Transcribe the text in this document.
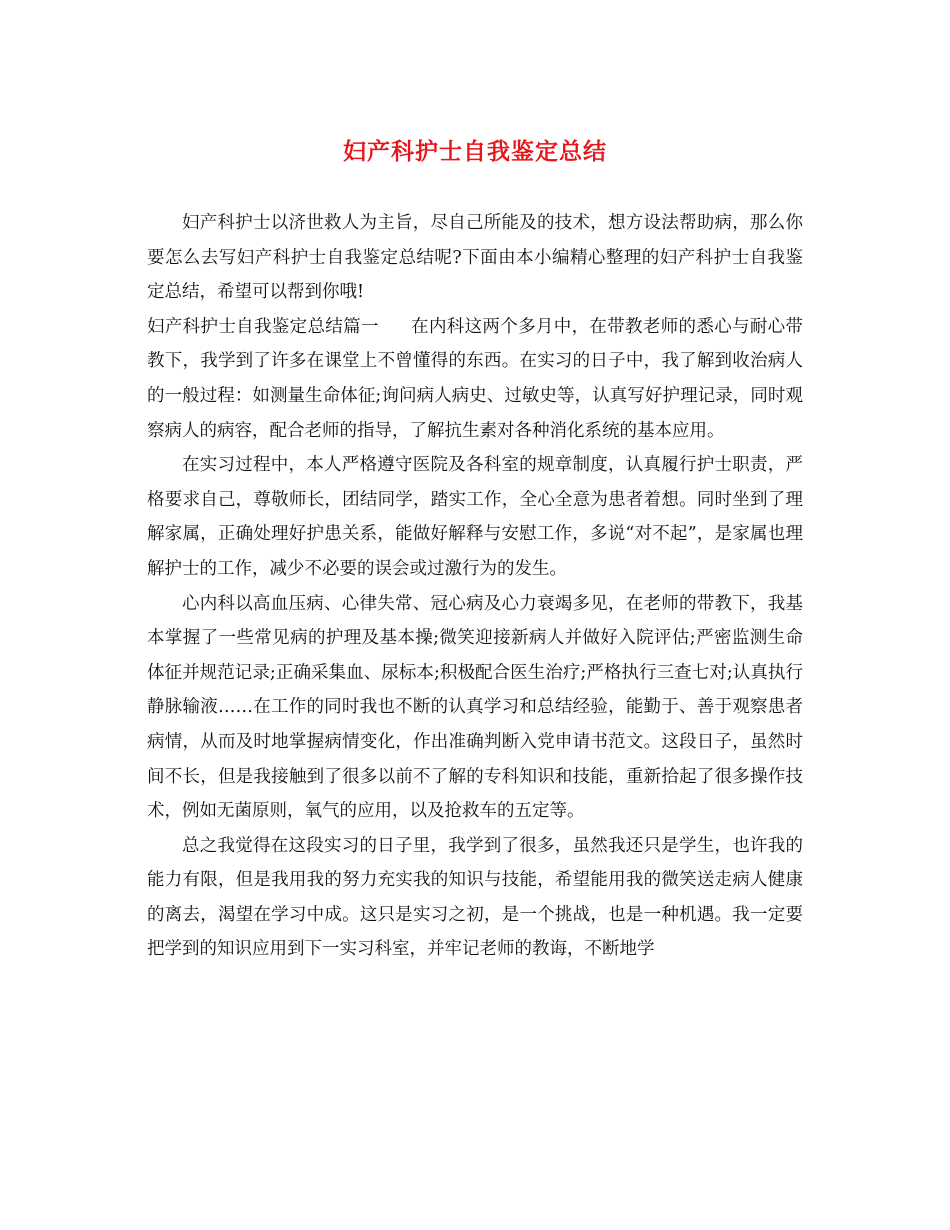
妇产科护士自我鉴定总结

妇产科护士以济世救人为主旨，尽自己所能及的技术，想方设法帮助病，那么你要怎么去写妇产科护士自我鉴定总结呢?下面由本小编精心整理的妇产科护士自我鉴定总结，希望可以帮到你哦!

妇产科护士自我鉴定总结篇一 在内科这两个多月中，在带教老师的悉心与耐心带教下，我学到了许多在课堂上不曾懂得的东西。在实习的日子中，我了解到收治病人的一般过程：如测量生命体征;询问病人病史、过敏史等，认真写好护理记录，同时观察病人的病容，配合老师的指导，了解抗生素对各种消化系统的基本应用。

在实习过程中，本人严格遵守医院及各科室的规章制度，认真履行护士职责，严格要求自己，尊敬师长，团结同学，踏实工作，全心全意为患者着想。同时坐到了理解家属，正确处理好护患关系，能做好解释与安慰工作，多说“对不起”，是家属也理解护士的工作，减少不必要的误会或过激行为的发生。

心内科以高血压病、心律失常、冠心病及心力衰竭多见，在老师的带教下，我基本掌握了一些常见病的护理及基本操;微笑迎接新病人并做好入院评估;严密监测生命体征并规范记录;正确采集血、尿标本;积极配合医生治疗;严格执行三查七对;认真执行静脉输液……在工作的同时我也不断的认真学习和总结经验，能勤于、善于观察患者病情，从而及时地掌握病情变化，作出准确判断入党申请书范文。这段日子，虽然时间不长，但是我接触到了很多以前不了解的专科知识和技能，重新拾起了很多操作技术，例如无菌原则，氧气的应用，以及抢救车的五定等。

总之我觉得在这段实习的日子里，我学到了很多，虽然我还只是学生，也许我的能力有限，但是我用我的努力充实我的知识与技能，希望能用我的微笑送走病人健康的离去，渴望在学习中成。这只是实习之初，是一个挑战，也是一种机遇。我一定要把学到的知识应用到下一实习科室，并牢记老师的教诲，不断地学
